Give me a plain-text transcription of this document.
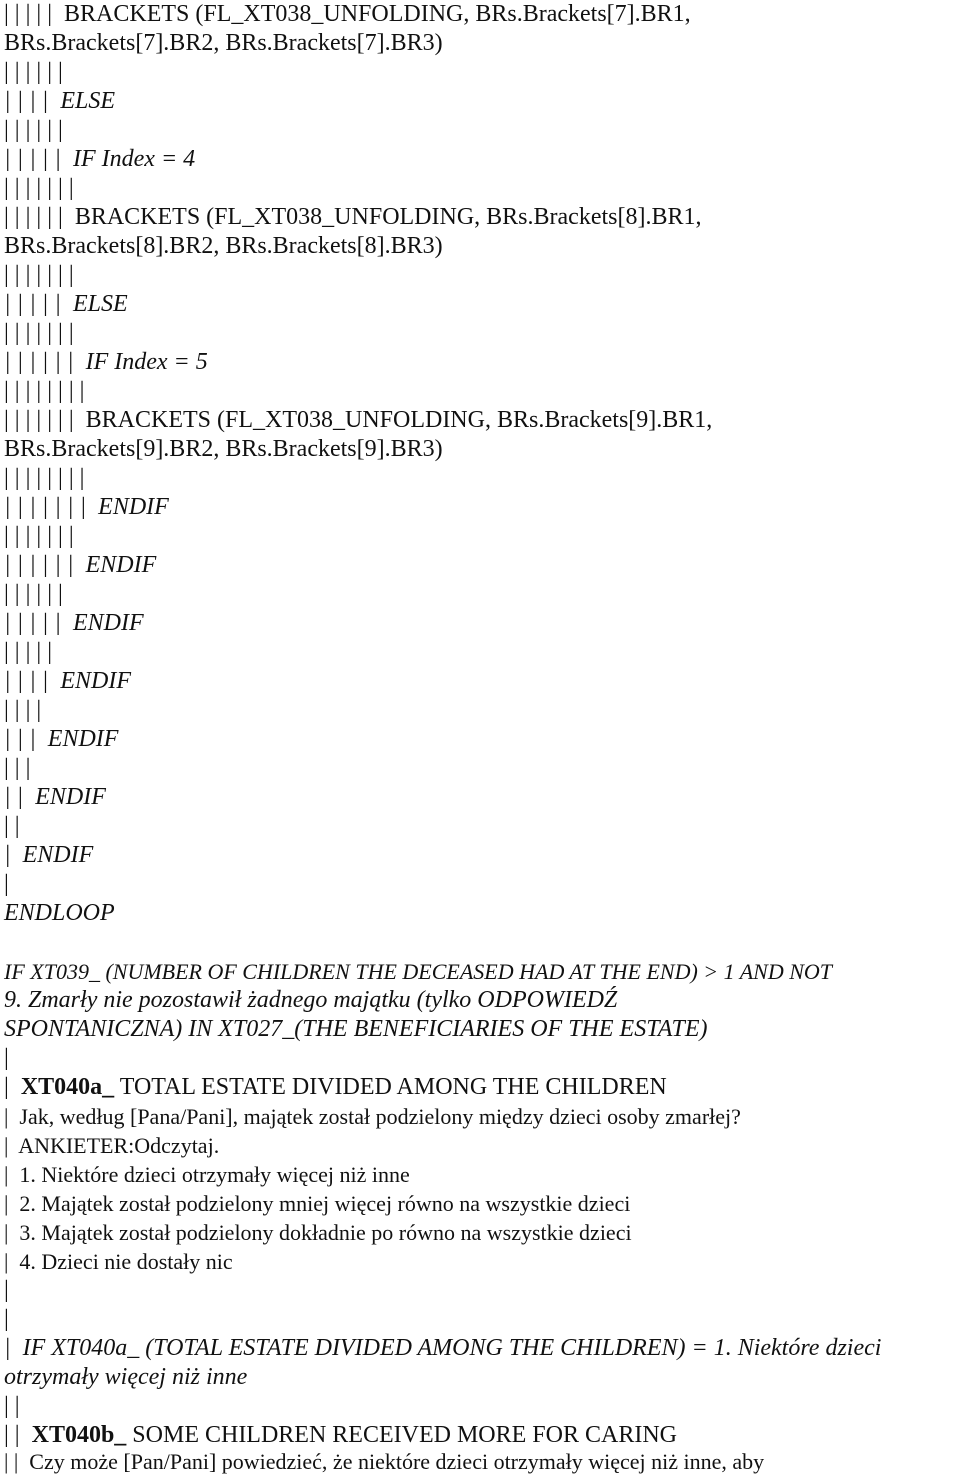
| | | | |  BRACKETS (FL_XT038_UNFOLDING, BRs.Brackets[7].BR1,
BRs.Brackets[7].BR2, BRs.Brackets[7].BR3)
| | | | | |
| | | |  ELSE
| | | | | |
| | | | |  IF Index = 4
| | | | | | |
| | | | | |  BRACKETS (FL_XT038_UNFOLDING, BRs.Brackets[8].BR1,
BRs.Brackets[8].BR2, BRs.Brackets[8].BR3)
| | | | | | |
| | | | |  ELSE
| | | | | | |
| | | | | |  IF Index = 5
| | | | | | | |
| | | | | | |  BRACKETS (FL_XT038_UNFOLDING, BRs.Brackets[9].BR1,
BRs.Brackets[9].BR2, BRs.Brackets[9].BR3)
| | | | | | | |
| | | | | | |  ENDIF
| | | | | | |
| | | | | |  ENDIF
| | | | | |
| | | | |  ENDIF
| | | | |
| | | |  ENDIF
| | | |
| | |  ENDIF
| | |
| |  ENDIF
| |
|  ENDIF
|
ENDLOOP
IF XT039_ (NUMBER OF CHILDREN THE DECEASED HAD AT THE END) > 1 AND NOT
9. Zmarły nie pozostawił żadnego majątku (tylko ODPOWIEDŹ
SPONTANICZNA) IN XT027_(THE BENEFICIARIES OF THE ESTATE)
|
|  XT040a_ TOTAL ESTATE DIVIDED AMONG THE CHILDREN
|  Jak, według [Pana/Pani], majątek został podzielony między dzieci osoby zmarłej?
|  ANKIETER:Odczytaj.
|  1. Niektóre dzieci otrzymały więcej niż inne
|  2. Majątek został podzielony mniej więcej równo na wszystkie dzieci
|  3. Majątek został podzielony dokładnie po równo na wszystkie dzieci
|  4. Dzieci nie dostały nic
|
|
|  IF XT040a_ (TOTAL ESTATE DIVIDED AMONG THE CHILDREN) = 1. Niektóre dzieci
otrzymały więcej niż inne
| |
| |  XT040b_ SOME CHILDREN RECEIVED MORE FOR CARING
| |  Czy może [Pan/Pani] powiedzieć, że niektóre dzieci otrzymały więcej niż inne, aby
